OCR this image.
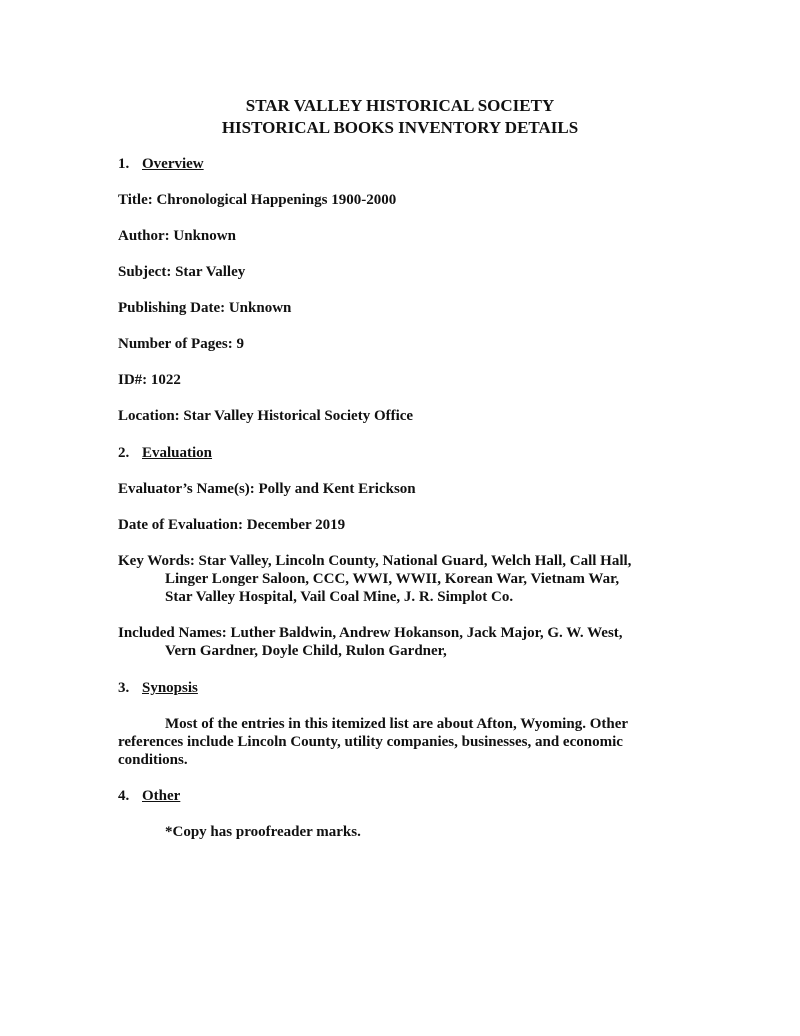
STAR VALLEY HISTORICAL SOCIETY
HISTORICAL BOOKS INVENTORY DETAILS
1. Overview
Title: Chronological Happenings 1900-2000
Author: Unknown
Subject: Star Valley
Publishing Date: Unknown
Number of Pages: 9
ID#: 1022
Location: Star Valley Historical Society Office
2. Evaluation
Evaluator’s Name(s): Polly and Kent Erickson
Date of Evaluation: December 2019
Key Words: Star Valley, Lincoln County, National Guard, Welch Hall, Call Hall,
Linger Longer Saloon, CCC, WWI, WWII, Korean War, Vietnam War,
Star Valley Hospital, Vail Coal Mine, J. R. Simplot Co.
Included Names: Luther Baldwin, Andrew Hokanson, Jack Major, G. W. West,
Vern Gardner, Doyle Child, Rulon Gardner,
3. Synopsis
Most of the entries in this itemized list are about Afton, Wyoming. Other references include Lincoln County, utility companies, businesses, and economic conditions.
4. Other
*Copy has proofreader marks.
